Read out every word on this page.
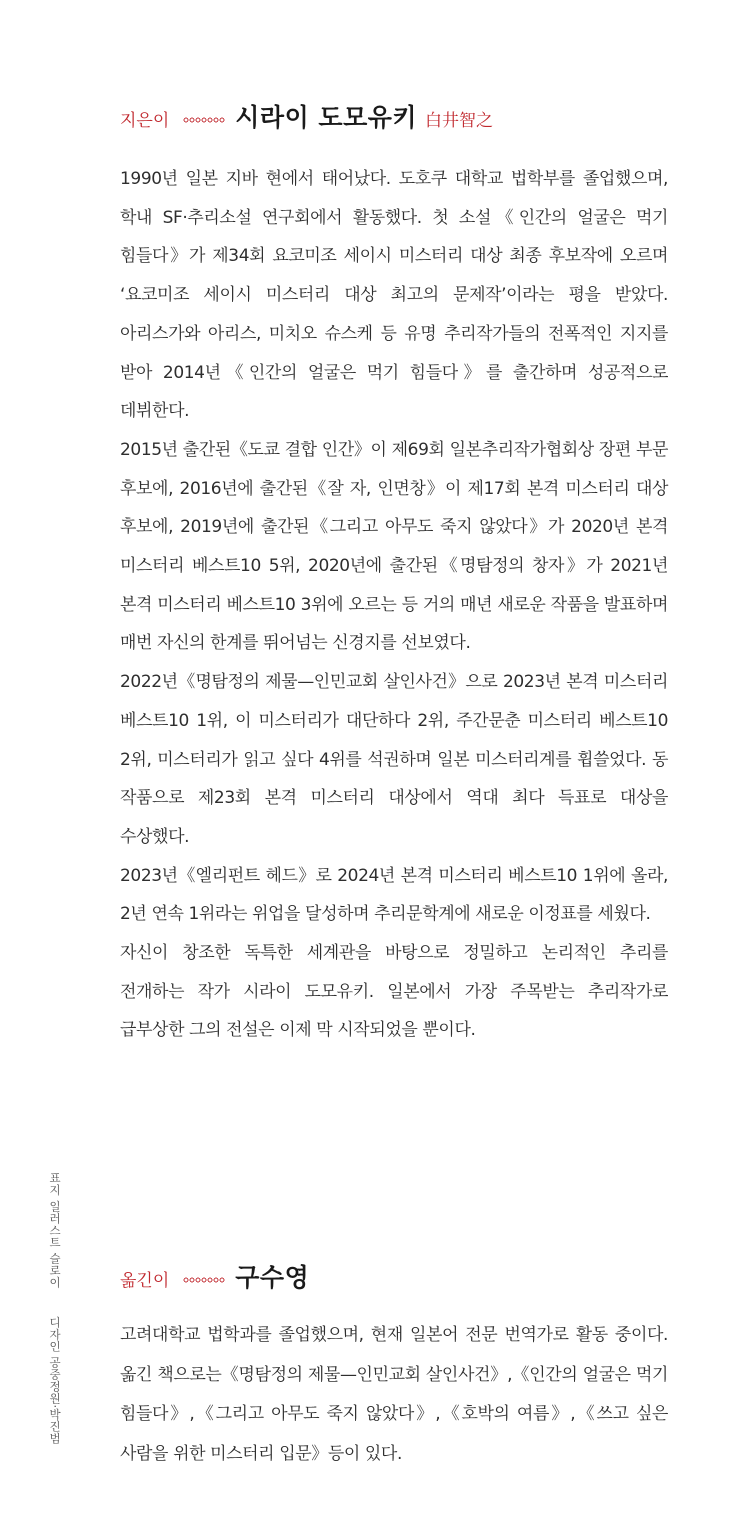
지은이	시라이 도모유키 白井智之

1990년 일본 지바 현에서 태어났다. 도호쿠 대학교 법학부를 졸업했으며, 학내 SF·추리소설 연구회에서 활동했다. 첫 소설《인간의 얼굴은 먹기 힘들다》가 제34회 요코미조 세이시 미스터리 대상 최종 후보작에 오르며 ‘요코미조 세이시 미스터리 대상 최고의 문제작’이라는 평을 받았다. 아리스가와 아리스, 미치오 슈스케 등 유명 추리작가들의 전폭적인 지지를 받아 2014년《인간의 얼굴은 먹기 힘들다》를 출간하며 성공적으로 데뷔한다.

2015년 출간된《도쿄 결합 인간》이 제69회 일본추리작가협회상 장편 부문 후보에, 2016년에 출간된《잘 자, 인면창》이 제17회 본격 미스터리 대상 후보에, 2019년에 출간된《그리고 아무도 죽지 않았다》가 2020년 본격 미스터리 베스트10 5위, 2020년에 출간된《명탐정의 창자》가 2021년 본격 미스터리 베스트10 3위에 오르는 등 거의 매년 새로운 작품을 발표하며 매번 자신의 한계를 뛰어넘는 신경지를 선보였다.

2022년《명탐정의 제물—인민교회 살인사건》으로 2023년 본격 미스터리 베스트10 1위, 이 미스터리가 대단하다 2위, 주간문춘 미스터리 베스트10 2위, 미스터리가 읽고 싶다 4위를 석권하며 일본 미스터리계를 휩쓸었다. 동 작품으로 제23회 본격 미스터리 대상에서 역대 최다 득표로 대상을 수상했다.

2023년《엘리펀트 헤드》로 2024년 본격 미스터리 베스트10 1위에 올라, 2년 연속 1위라는 위업을 달성하며 추리문학계에 새로운 이정표를 세웠다.

자신이 창조한 독특한 세계관을 바탕으로 정밀하고 논리적인 추리를 전개하는 작가 시라이 도모유키. 일본에서 가장 주목받는 추리작가로 급부상한 그의 전설은 이제 막 시작되었을 뿐이다.

옮긴이	구수영

고려대학교 법학과를 졸업했으며, 현재 일본어 전문 번역가로 활동 중이다. 옮긴 책으로는《명탐정의 제물—인민교회 살인사건》,《인간의 얼굴은 먹기 힘들다》,《그리고 아무도 죽지 않았다》,《호박의 여름》,《쓰고 싶은 사람을 위한 미스터리 입문》등이 있다.

표지 일러스트 슬로이디자인 공중정원·박진범
